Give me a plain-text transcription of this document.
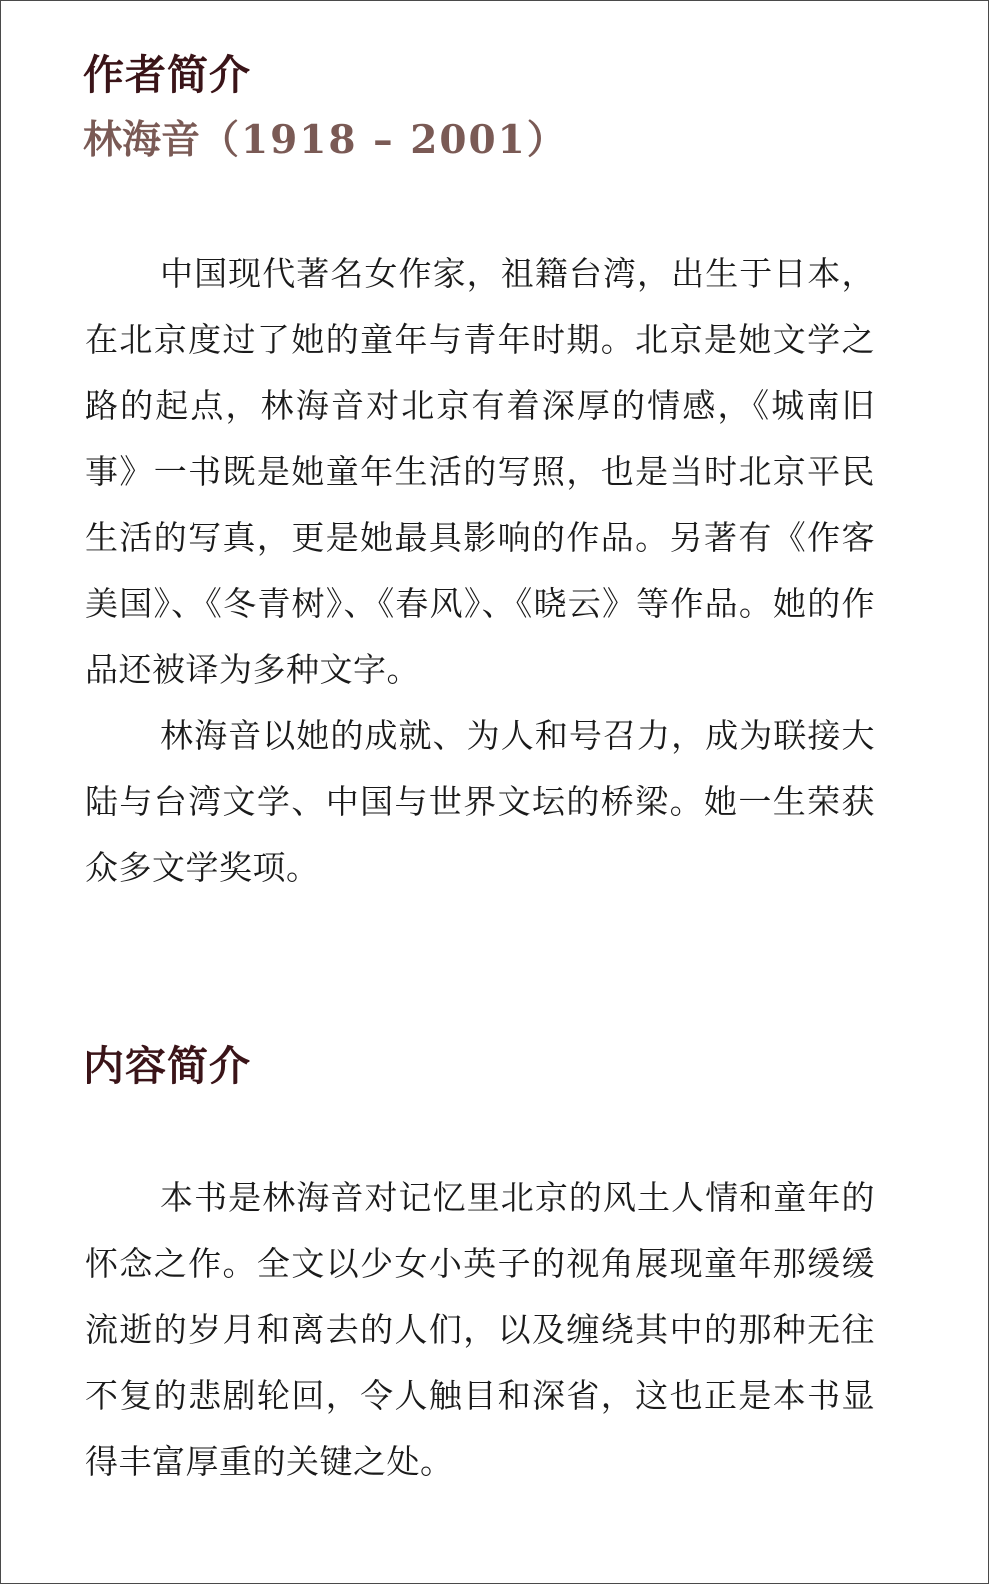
作者简介
林海音（1918 – 2001）

中国现代著名女作家，祖籍台湾，出生于日本，在北京度过了她的童年与青年时期。北京是她文学之路的起点，林海音对北京有着深厚的情感，《城南旧事》一书既是她童年生活的写照，也是当时北京平民生活的写真，更是她最具影响的作品。另著有《作客美国》、《冬青树》、《春风》、《晓云》等作品。她的作品还被译为多种文字。

林海音以她的成就、为人和号召力，成为联接大陆与台湾文学、中国与世界文坛的桥梁。她一生荣获众多文学奖项。

内容简介

本书是林海音对记忆里北京的风土人情和童年的怀念之作。全文以少女小英子的视角展现童年那缓缓流逝的岁月和离去的人们，以及缠绕其中的那种无往不复的悲剧轮回，令人触目和深省，这也正是本书显得丰富厚重的关键之处。
